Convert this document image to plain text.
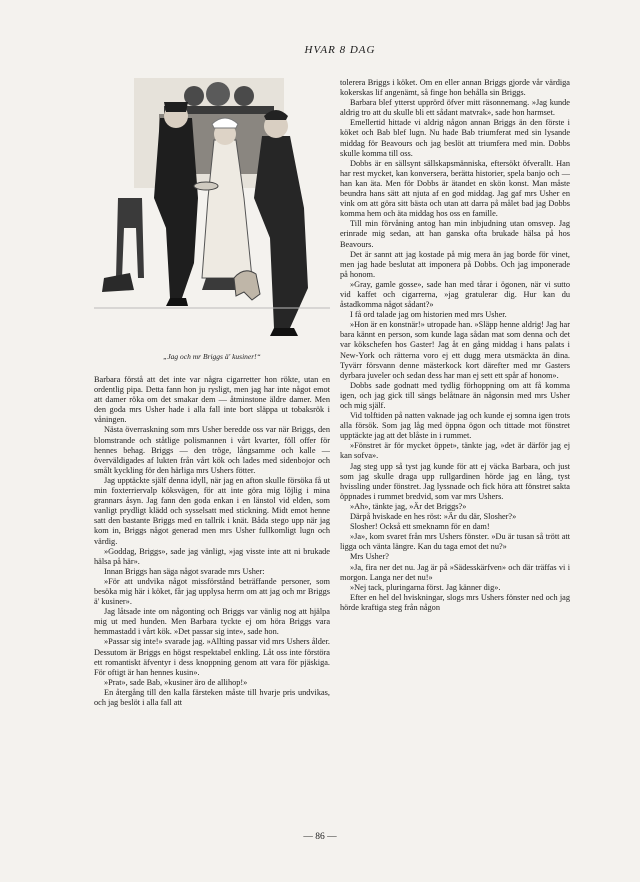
HVAR 8 DAG
„Jag och mr Briggs ä' kusiner!“

Barbara förstå att det inte var några cigarretter hon rökte, utan en ordentlig pipa. Detta fann hon ju rysligt, men jag har inte något emot att damer röka om det smakar dem — åtminstone äldre damer. Men den goda mrs Usher hade i alla fall inte bort släppa ut tobaksrök i våningen.

Nästa överraskning som mrs Usher beredde oss var när Briggs, den blomstrande och ståtlige polismannen i vårt kvarter, föll offer för hennes behag. Briggs — den tröge, långsamme och kalle — överväldigades af lukten från vårt kök och lades med sidenbojor och smålt kyckling för den härliga mrs Ushers fötter.

Jag upptäckte själf denna idyll, när jag en afton skulle försöka få ut min foxterriervalp köksvägen, för att inte göra mig löjlig i mina grannars åsyn. Jag fann den goda enkan i en länstol vid elden, som vanligt prydligt klädd och sysselsatt med stickning. Midt emot henne satt den bastante Briggs med en tallrik i knät. Båda stego upp när jag kom in, Briggs något generad men mrs Usher fullkomligt lugn och värdig.

»Goddag, Briggs», sade jag vänligt, »jag visste inte att ni brukade hälsa på här».

Innan Briggs han säga något svarade mrs Usher:

»För att undvika något missförstånd beträffande personer, som besöka mig här i köket, får jag upplysa herrn om att jag och mr Briggs ä' kusiner».

Jag låtsade inte om någonting och Briggs var vänlig nog att hjälpa mig ut med hunden. Men Barbara tyckte ej om höra Briggs vara hemmastadd i vårt kök. »Det passar sig inte», sade hon.

»Passar sig inte!» svarade jag. »Allting passar vid mrs Ushers ålder. Dessutom är Briggs en högst respektabel enkling. Låt oss inte förstöra ett romantiskt äfventyr i dess knoppning genom att vara för pjäskiga. För oftigt är han hennes kusin».

»Prat», sade Bab, »kusiner äro de allihop!»

En återgång till den kalla färsteken måste till hvarje pris undvikas, och jag beslöt i alla fall att

tolerera Briggs i köket. Om en eller annan Briggs gjorde vår värdiga kokerskas lif angenämt, så finge hon behålla sin Briggs.

Barbara blef ytterst upprörd öfver mitt räsonnemang. »Jag kunde aldrig tro att du skulle bli ett sådant matvrak», sade hon harmset.

Emellertid hittade vi aldrig någon annan Briggs än den förste i köket och Bab blef lugn. Nu hade Bab triumferat med sin lysande middag för Beavours och jag beslöt att triumfera med min. Dobbs skulle komma till oss.

Dobbs är en sällsynt sällskapsmänniska, eftersökt öfverallt. Han har rest mycket, kan konversera, berätta historier, spela banjo och — han kan äta. Men för Dobbs är ätandet en skön konst. Man måste beundra hans sätt att njuta af en god middag. Jag gaf mrs Usher en vink om att göra sitt bästa och utan att darra på målet bad jag Dobbs komma hem och äta middag hos oss en famille.

Till min förvåning antog han min inbjudning utan omsvep. Jag erinrade mig sedan, att han ganska ofta brukade hälsa på hos Beavours.

Det är sannt att jag kostade på mig mera än jag borde för vinet, men jag hade beslutat att imponera på Dobbs. Och jag imponerade på honom.

»Gray, gamle gosse», sade han med tårar i ögonen, när vi sutto vid kaffet och cigarrerna, »jag gratulerar dig. Hur kan du åstadkomma något sådant?»

I få ord talade jag om historien med mrs Usher.

»Hon är en konstnär!» utropade han. »Släpp henne aldrig! Jag har bara kännt en person, som kunde laga sådan mat som denna och det var kökschefen hos Gaster! Jag åt en gång middag i hans palats i New-York och rätterna voro ej ett dugg mera utsmäckta än dina. Tyvärr försvann denne mästerkock kort därefter med mr Gasters dyrbara juveler och sedan dess har man ej sett ett spår af honom».

Dobbs sade godnatt med tydlig förhoppning om att få komma igen, och jag gick till sängs belåtnare än någonsin med mrs Usher och mig själf.

Vid tolftiden på natten vaknade jag och kunde ej somna igen trots alla försök. Som jag låg med öppna ögon och tittade mot fönstret upptäckte jag att det blåste in i rummet.

»Fönstret är för mycket öppet», tänkte jag, »det är därför jag ej kan sofva».

Jag steg upp så tyst jag kunde för att ej väcka Barbara, och just som jag skulle draga upp rullgardinen hörde jag en lång, tyst hvissling under fönstret. Jag lyssnade och fick höra att fönstret sakta öppnades i rummet bredvid, som var mrs Ushers.

»Ah», tänkte jag, »Är det Briggs?»

Därpå hviskade en hes röst: »Är du där, Slosher?»

Slosher! Också ett smeknamn för en dam!

»Ja», kom svaret från mrs Ushers fönster. »Du är tusan så trött att ligga och vänta längre. Kan du taga emot det nu?»

Mrs Usher?

»Ja, fira ner det nu. Jag är på »Sädesskärfven» och där träffas vi i morgon. Langa ner det nu!»

»Nej tack, pluringarna först. Jag känner dig».

Efter en hel del hviskningar, slogs mrs Ushers fönster ned och jag hörde kraftiga steg från någon

— 86 —
